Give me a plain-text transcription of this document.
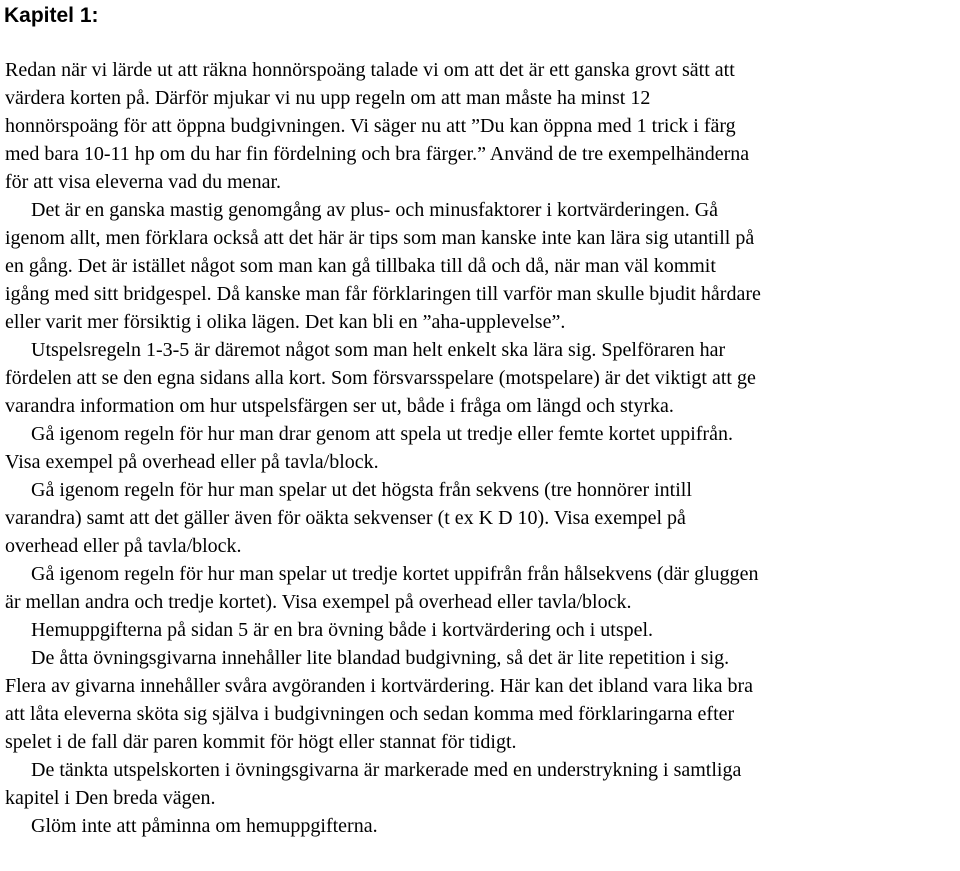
Kapitel 1:

Redan när vi lärde ut att räkna honnörspoäng talade vi om att det är ett ganska grovt sätt att

värdera korten på. Därför mjukar vi nu upp regeln om att man måste ha minst 12

honnörspoäng för att öppna budgivningen. Vi säger nu att ”Du kan öppna med 1 trick i färg

med bara 10-11 hp om du har fin fördelning och bra färger.” Använd de tre exempelhänderna

för att visa eleverna vad du menar.

Det är en ganska mastig genomgång av plus- och minusfaktorer i kortvärderingen. Gå

igenom allt, men förklara också att det här är tips som man kanske inte kan lära sig utantill på

en gång. Det är istället något som man kan gå tillbaka till då och då, när man väl kommit

igång med sitt bridgespel. Då kanske man får förklaringen till varför man skulle bjudit hårdare

eller varit mer försiktig i olika lägen. Det kan bli en ”aha-upplevelse”.

Utspelsregeln 1-3-5 är däremot något som man helt enkelt ska lära sig. Spelföraren har

fördelen att se den egna sidans alla kort. Som försvarsspelare (motspelare) är det viktigt att ge

varandra information om hur utspelsfärgen ser ut, både i fråga om längd och styrka.

Gå igenom regeln för hur man drar genom att spela ut tredje eller femte kortet uppifrån.

Visa exempel på overhead eller på tavla/block.

Gå igenom regeln för hur man spelar ut det högsta från sekvens (tre honnörer intill

varandra) samt att det gäller även för oäkta sekvenser (t ex K D 10). Visa exempel på

overhead eller på tavla/block.

Gå igenom regeln för hur man spelar ut tredje kortet uppifrån från hålsekvens (där gluggen

är mellan andra och tredje kortet). Visa exempel på overhead eller tavla/block.

Hemuppgifterna på sidan 5 är en bra övning både i kortvärdering och i utspel.

De åtta övningsgivarna innehåller lite blandad budgivning, så det är lite repetition i sig.

Flera av givarna innehåller svåra avgöranden i kortvärdering. Här kan det ibland vara lika bra

att låta eleverna sköta sig själva i budgivningen och sedan komma med förklaringarna efter

spelet i de fall där paren kommit för högt eller stannat för tidigt.

De tänkta utspelskorten i övningsgivarna är markerade med en understrykning i samtliga

kapitel i Den breda vägen.

Glöm inte att påminna om hemuppgifterna.
